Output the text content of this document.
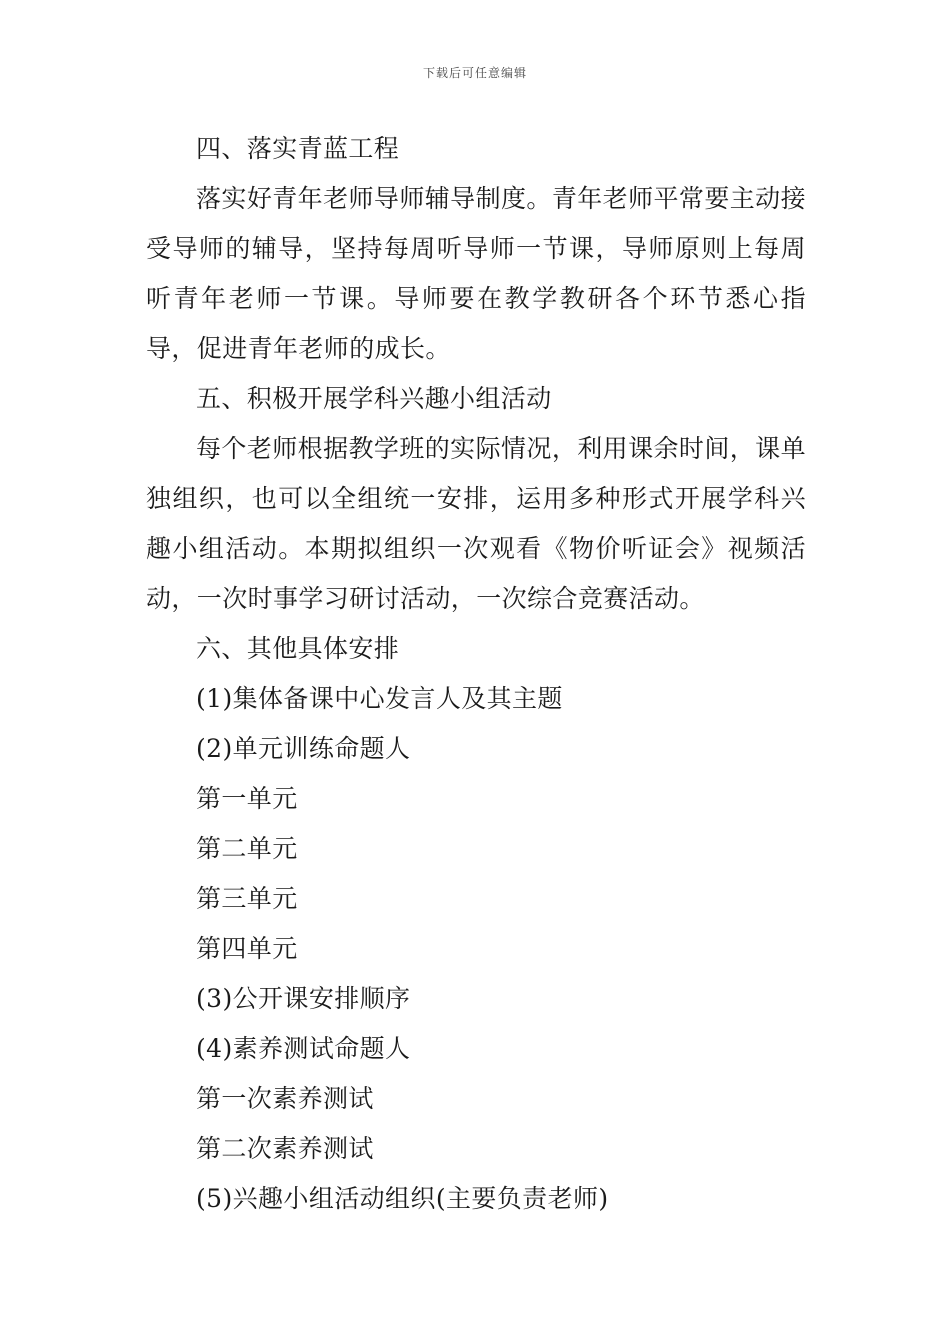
下载后可任意编辑

四、落实青蓝工程

落实好青年老师导师辅导制度。青年老师平常要主动接受导师的辅导，坚持每周听导师一节课，导师原则上每周听青年老师一节课。导师要在教学教研各个环节悉心指导，促进青年老师的成长。

五、积极开展学科兴趣小组活动

每个老师根据教学班的实际情况，利用课余时间，课单独组织，也可以全组统一安排，运用多种形式开展学科兴趣小组活动。本期拟组织一次观看《物价听证会》视频活动，一次时事学习研讨活动，一次综合竞赛活动。

六、其他具体安排

(1)集体备课中心发言人及其主题

(2)单元训练命题人

第一单元

第二单元

第三单元

第四单元

(3)公开课安排顺序

(4)素养测试命题人

第一次素养测试

第二次素养测试

(5)兴趣小组活动组织(主要负责老师)
